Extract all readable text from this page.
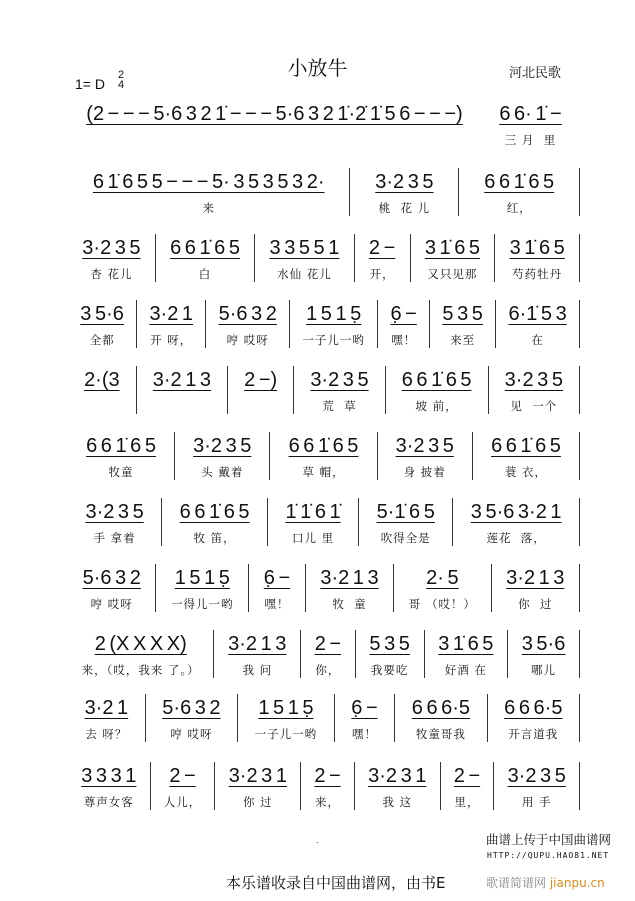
小放牛	河北民歌
1= D
2
4
(2 − − − 5·6 3 2 1̇ − − − 5·6 3 2 1̇·2̇ 1̇ 5 6 − − −) 6 6· 1̇ −
三 月  里
6 1̇ 6 5 5 − − − 5· 3 5 3 5 3 2·
来
3·2 3 5
桃  花 儿
6 6 1̇ 6 5
红，
3·2 3 5
杏 花儿
6 6 1̇ 6 5
白
3 3 5 5 1
水仙 花儿
2 −
开，
3 1̇ 6 5
又只见那
3 1̇ 6 5
芍药牡丹
3 5·6
全都
3·2 1
开 呀，
5·6 3 2
哼 哎呀
1 5 1 5̣
一子儿一哟
6̣ −
嘿！
5 3 5
来至
6·1̇ 5 3
在
2·(3 3·2 1 3 2 −) 3·2 3 5
荒  草
6 6 1̇ 6 5
坡 前，
3·2 3 5
见  一个
6 6 1̇ 6 5
牧童
3·2 3 5
头 戴着
6 6 1̇ 6 5
草 帽，
3·2 3 5
身 披着
6 6 1̇ 6 5
蓑 衣，
3·2 3 5
手 拿着
6 6 1̇ 6 5
牧 笛，
1̇ 1̇ 6 1̇
口儿 里
5·1̇ 6 5
吹得全是
3 5·6 3·2 1
莲花  落，
5·6 3 2
哼 哎呀
1 5 1 5̣
一得儿一哟
6̣ −
嘿！
3·2 1 3
牧  童
2· 5
哥 （哎！）
3·2 1 3
你  过
2 (X X X X)
来，（哎，我来 了。）
3·2 1 3
我 问
2 −
你，
5 3 5
我要吃
3 1̇ 6 5
好酒 在
3 5·6
哪儿
3·2 1
去 呀？
5·6 3 2
哼 哎呀
1 5 1 5̣
一子儿一哟
6̣ −
嘿！
6 6 6·5
牧童哥我
6 6 6·5
开言道我
3 3 3 1
尊声女客
2 −
人儿，
3·2 3 1
你 过
2 −
来，
3·2 3 1
我 这
2 −
里，
3·2 3 5
用 手
.
本乐谱收录自中国曲谱网，由书E
曲谱上传于中国曲谱网
HTTP://QUPU.HAO81.NET
歌谱简谱网 jianpu.cn
